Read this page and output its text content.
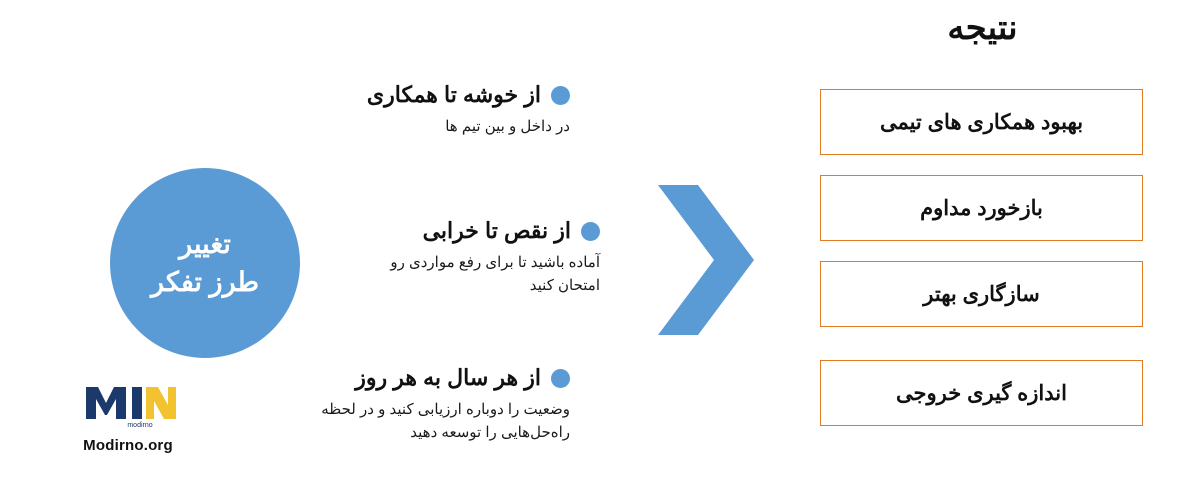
تغییر
طرز تفکر
از خوشه تا همکاری
در داخل و بین تیم ها
از نقص تا خرابی
آماده باشید تا برای رفع مواردی رو امتحان کنید
از هر سال به هر روز
وضعیت را دوباره ارزیابی کنید و در لحظه راه‌حل‌هایی را توسعه دهید
نتیجه
بهبود همکاری های تیمی
بازخورد مداوم
سازگاری بهتر
اندازه گیری خروجی
modirno
Modirno.org
